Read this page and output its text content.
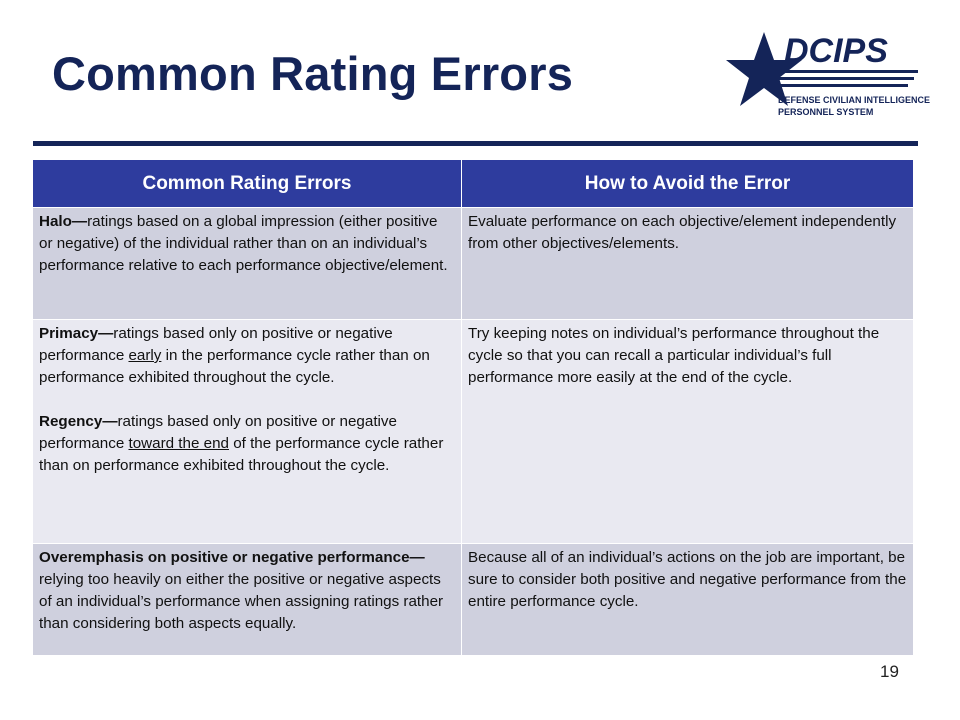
Common Rating Errors	DCIPS
DEFENSE CIVILIAN INTELLIGENCE
PERSONNEL SYSTEM
Common Rating Errors	How to Avoid the Error
Halo—ratings based on a global impression (either positive or negative) of the individual rather than on an individual’s performance relative to each performance objective/element.	Evaluate performance on each objective/element independently from other objectives/elements.

Primacy—ratings based only on positive or negative performance early in the performance cycle rather than on performance exhibited throughout the cycle.
Regency—ratings based only on positive or negative performance toward the end of the performance cycle rather than on performance exhibited throughout the cycle.	Try keeping notes on individual’s performance throughout the cycle so that you can recall a particular individual’s full performance more easily at the end of the cycle.
Overemphasis on positive or negative performance—relying too heavily on either the positive or negative aspects of an individual’s performance when assigning ratings rather than considering both aspects equally.	Because all of an individual’s actions on the job are important, be sure to consider both positive and negative performance from the entire performance cycle.
19
